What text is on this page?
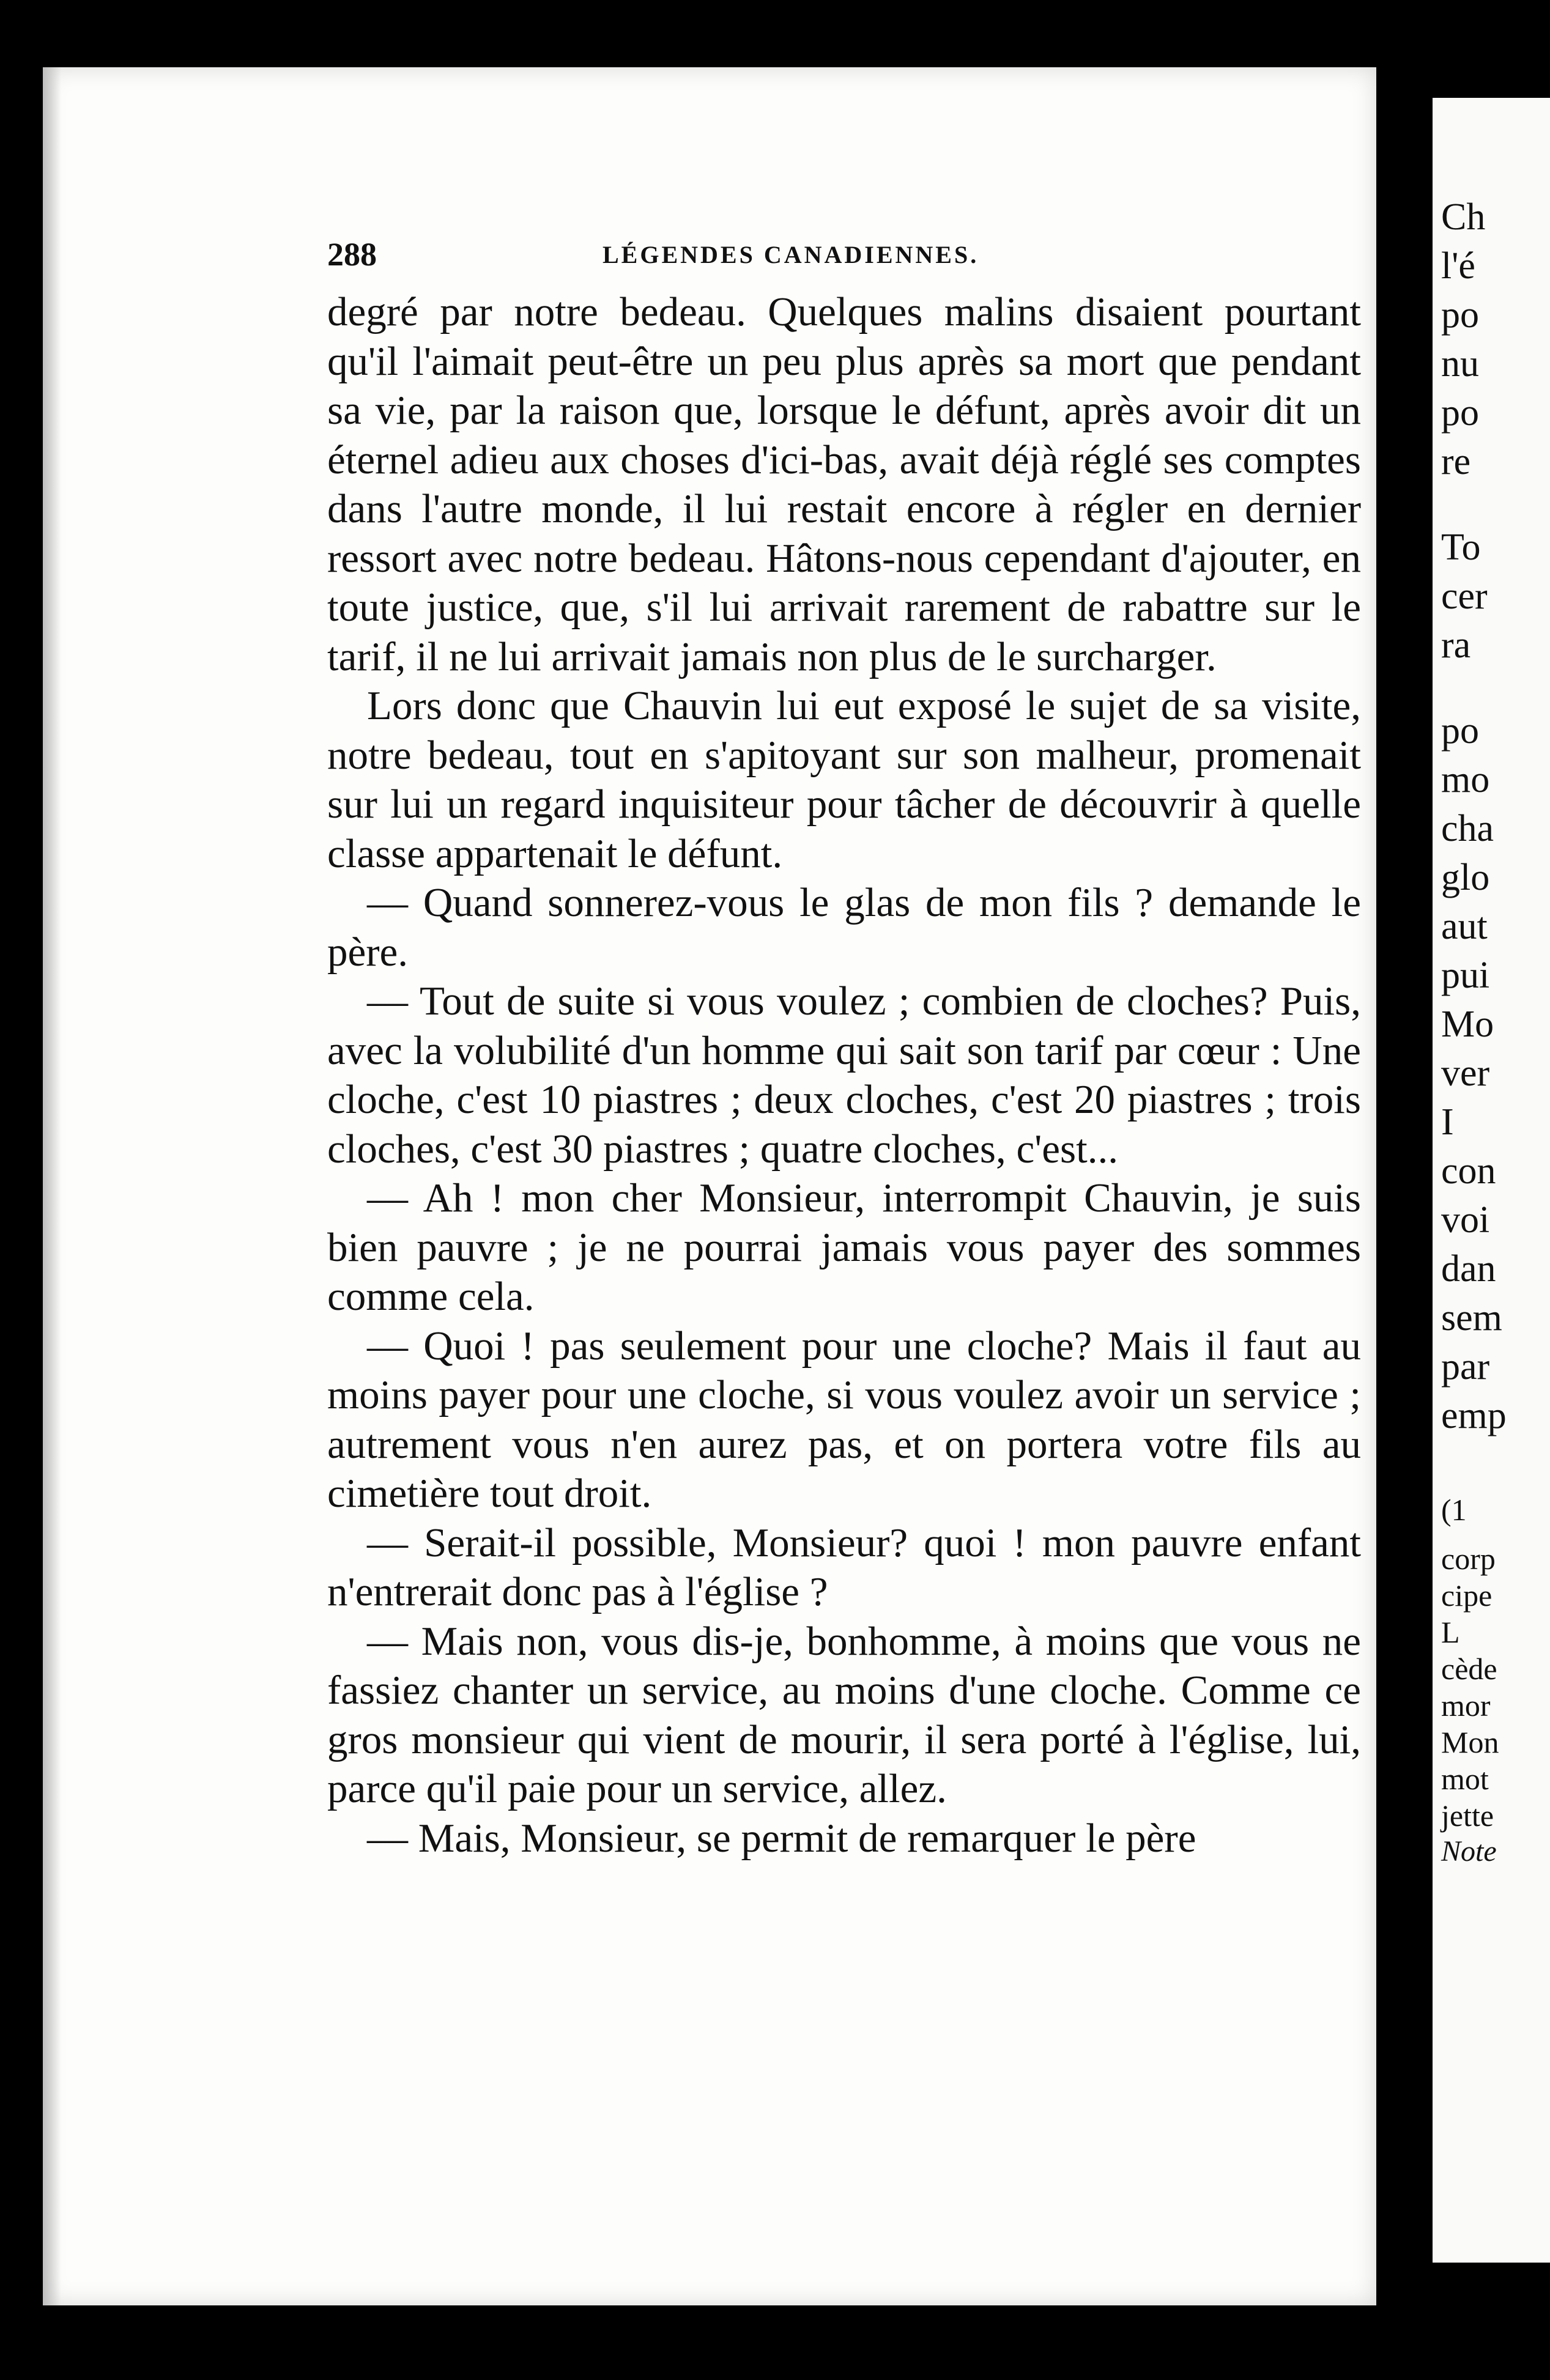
288	LÉGENDES CANADIENNES.

degré par notre bedeau. Quelques malins disaient pourtant qu'il l'aimait peut-être un peu plus après sa mort que pendant sa vie, par la raison que, lorsque le défunt, après avoir dit un éternel adieu aux choses d'ici-bas, avait déjà réglé ses comptes dans l'autre monde, il lui restait encore à régler en dernier ressort avec notre bedeau. Hâtons-nous cependant d'ajouter, en toute justice, que, s'il lui arrivait rarement de rabattre sur le tarif, il ne lui arrivait jamais non plus de le surcharger.

Lors donc que Chauvin lui eut exposé le sujet de sa visite, notre bedeau, tout en s'apitoyant sur son malheur, promenait sur lui un regard inquisiteur pour tâcher de découvrir à quelle classe appartenait le défunt.

— Quand sonnerez-vous le glas de mon fils ? demande le père.

— Tout de suite si vous voulez ; combien de cloches? Puis, avec la volubilité d'un homme qui sait son tarif par cœur : Une cloche, c'est 10 piastres ; deux cloches, c'est 20 piastres ; trois cloches, c'est 30 piastres ; quatre cloches, c'est...

— Ah ! mon cher Monsieur, interrompit Chauvin, je suis bien pauvre ; je ne pourrai jamais vous payer des sommes comme cela.

— Quoi ! pas seulement pour une cloche? Mais il faut au moins payer pour une cloche, si vous voulez avoir un service ; autrement vous n'en aurez pas, et on portera votre fils au cimetière tout droit.

— Serait-il possible, Monsieur? quoi ! mon pauvre enfant n'entrerait donc pas à l'église ?

— Mais non, vous dis-je, bonhomme, à moins que vous ne fassiez chanter un service, au moins d'une cloche. Comme ce gros monsieur qui vient de mourir, il sera porté à l'église, lui, parce qu'il paie pour un service, allez.

— Mais, Monsieur, se permit de remarquer le père

Ch
l'é
po
nu
po
re
To
cer
ra
po
mo
cha
glo
aut
pui
Mo
ver
I
con
voi
dan
sem
par
emp
(1
corp
cipe
L
cède
mor
Mon
mot
jette
Note
